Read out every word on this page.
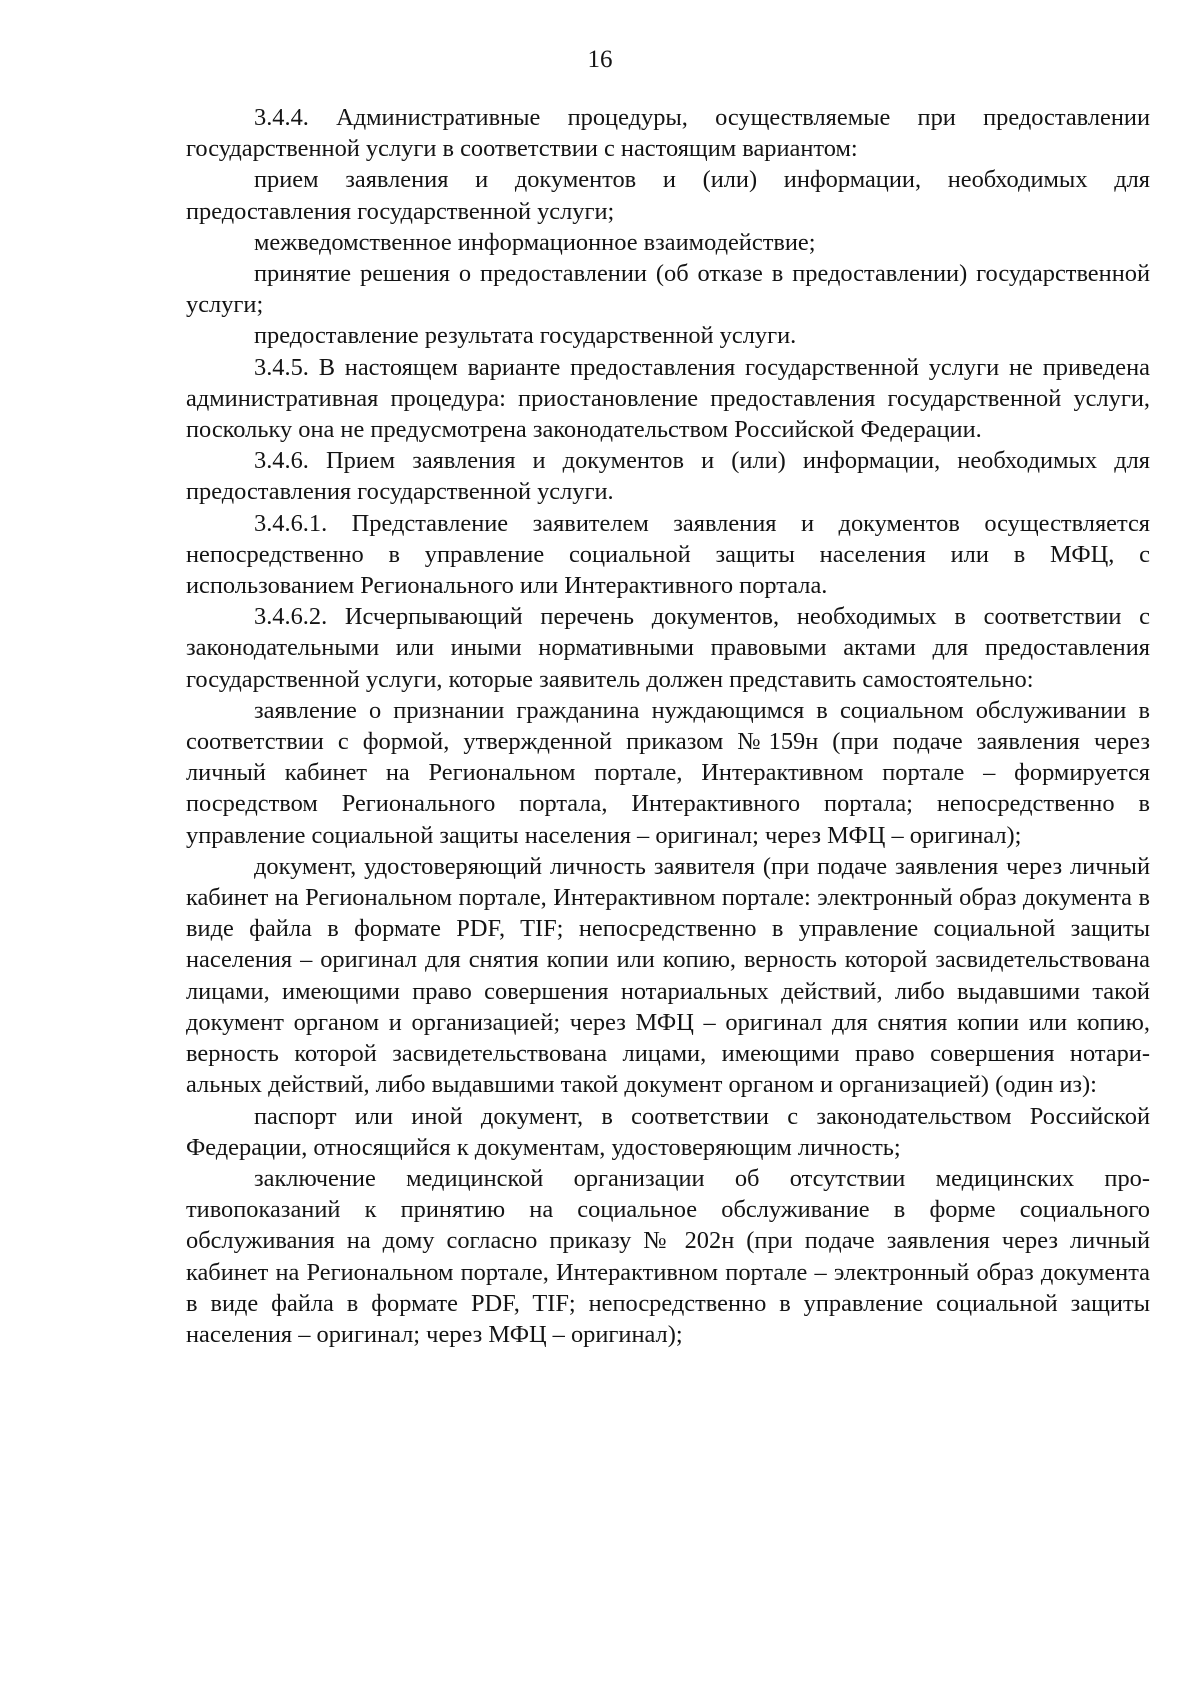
16

3.4.4. Административные процедуры, осуществляемые при предоставлении государственной услуги в соответствии с настоящим вариантом:

прием заявления и документов и (или) информации, необходимых для предоставления государственной услуги;

межведомственное информационное взаимодействие;

принятие решения о предоставлении (об отказе в предоставлении) государственной услуги;

предоставление результата государственной услуги.

3.4.5. В настоящем варианте предоставления государственной услуги не приведена административная процедура: приостановление предоставления государственной услуги, поскольку она не предусмотрена законодательством Российской Федерации.

3.4.6. Прием заявления и документов и (или) информации, необходимых для предоставления государственной услуги.

3.4.6.1. Представление заявителем заявления и документов осуществляется непосредственно в управление социальной защиты населения или в МФЦ, с использованием Регионального или Интерактивного портала.

3.4.6.2. Исчерпывающий перечень документов, необходимых в соответствии с законодательными или иными нормативными правовыми актами для предоставления государственной услуги, которые заявитель должен представить самостоятельно:

заявление о признании гражданина нуждающимся в социальном обслуживании в соответствии с формой, утвержденной приказом №159н (при подаче заявления через личный кабинет на Региональном портале, Интерактивном портале – формируется посредством Регионального портала, Интерактивного портала; непосредственно в управление социальной защиты населения – оригинал; через МФЦ – оригинал);

документ, удостоверяющий личность заявителя (при подаче заявления через личный кабинет на Региональном портале, Интерактивном портале: электронный образ документа в виде файла в формате PDF, TIF; непосредственно в управление социальной защиты населения – оригинал для снятия копии или копию, верность которой засвидетельствована лицами, имеющими право совершения нотариальных действий, либо выдавшими такой документ органом и организацией; через МФЦ – оригинал для снятия копии или копию, верность которой засвидетельствована лицами, имеющими право совершения нотариальных действий, либо выдавшими такой документ органом и организацией) (один из):

паспорт или иной документ, в соответствии с законодательством Российской Федерации, относящийся к документам, удостоверяющим личность;

заключение медицинской организации об отсутствии медицинских противопоказаний к принятию на социальное обслуживание в форме социального обслуживания на дому согласно приказу № 202н (при подаче заявления через личный кабинет на Региональном портале, Интерактивном портале – электронный образ документа в виде файла в формате PDF, TIF; непосредственно в управление социальной защиты населения – оригинал; через МФЦ – оригинал);
